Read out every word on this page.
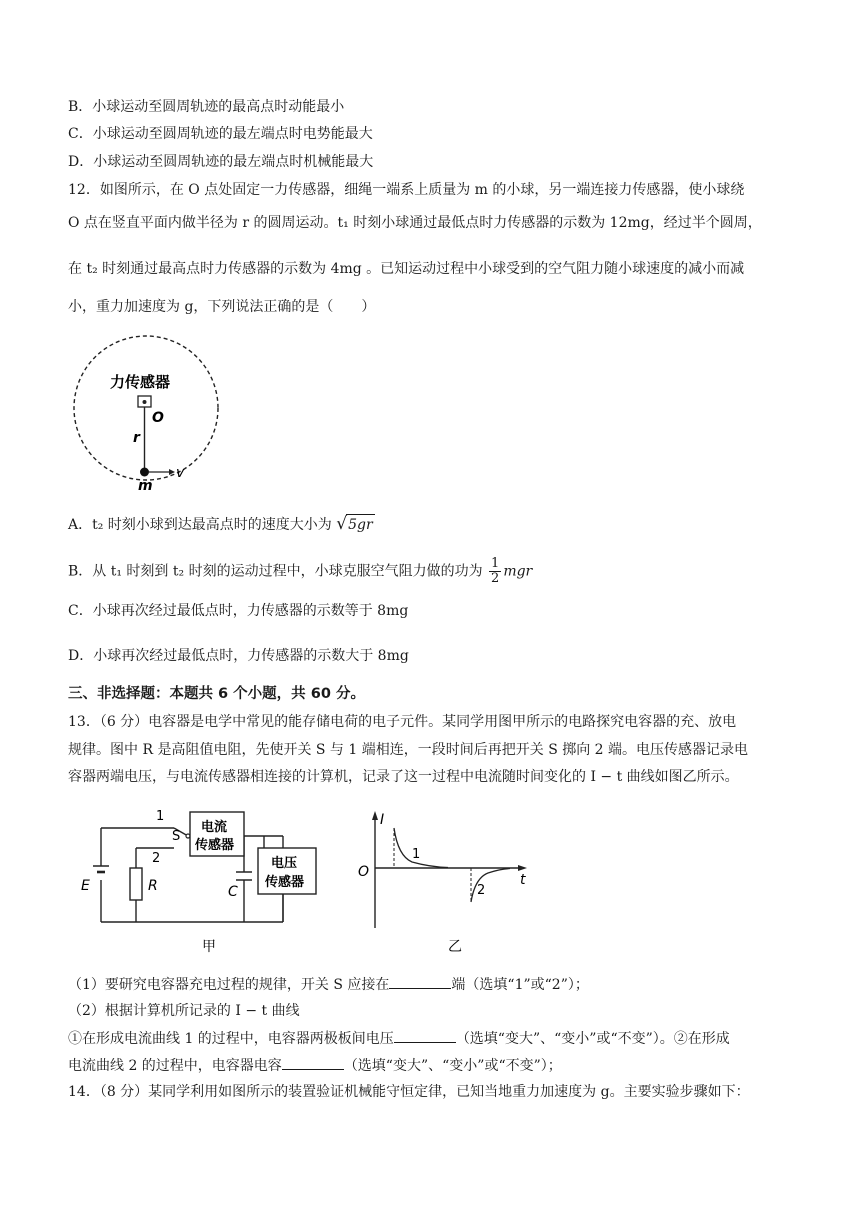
B．小球运动至圆周轨迹的最高点时动能最小
C．小球运动至圆周轨迹的最左端点时电势能最大
D．小球运动至圆周轨迹的最左端点时机械能最大
12．如图所示，在 O 点处固定一力传感器，细绳一端系上质量为 m 的小球，另一端连接力传感器，使小球绕
O 点在竖直平面内做半径为 r 的圆周运动。t₁ 时刻小球通过最低点时力传感器的示数为 12mg，经过半个圆周，
在 t₂ 时刻通过最高点时力传感器的示数为 4mg 。已知运动过程中小球受到的空气阻力随小球速度的减小而减
小，重力加速度为 g，下列说法正确的是（　　）
力传感器
O
r
v
m
A．t₂ 时刻小球到达最高点时的速度大小为 √5gr
B．从 t₁ 时刻到 t₂ 时刻的运动过程中，小球克服空气阻力做的功为 $\frac{1}{2}$ mgr
C．小球再次经过最低点时，力传感器的示数等于 8mg
D．小球再次经过最低点时，力传感器的示数大于 8mg
三、非选择题：本题共 6 个小题，共 60 分。
13．（6 分）电容器是电学中常见的能存储电荷的电子元件。某同学用图甲所示的电路探究电容器的充、放电
规律。图中 R 是高阻值电阻，先使开关 S 与 1 端相连，一段时间后再把开关 S 掷向 2 端。电压传感器记录电
容器两端电压，与电流传感器相连接的计算机，记录了这一过程中电流随时间变化的 I − t 曲线如图乙所示。
E	R
1
2
S
电流
传感器
C
电压
传感器
甲
I
O	t
1
2
乙
（1）要研究电容器充电过程的规律，开关 S 应接在	端（选填“1”或“2”）；
（2）根据计算机所记录的 I − t 曲线
①在形成电流曲线 1 的过程中，电容器两极板间电压	（选填“变大”、“变小”或“不变”）。②在形成
电流曲线 2 的过程中，电容器电容	（选填“变大”、“变小”或“不变”）；
14．（8 分）某同学利用如图所示的装置验证机械能守恒定律，已知当地重力加速度为 g。主要实验步骤如下：
